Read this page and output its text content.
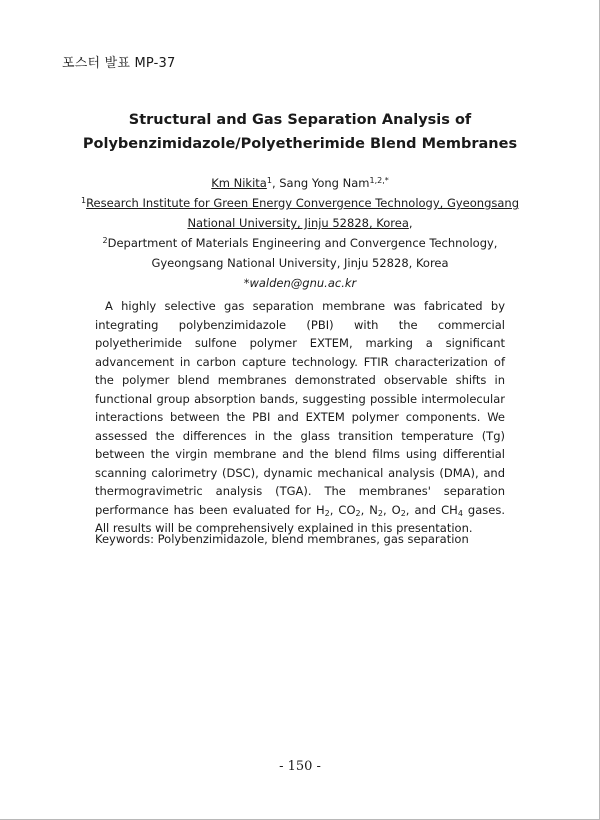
포스터 발표 MP-37
Structural and Gas Separation Analysis of
Polybenzimidazole/Polyetherimide Blend Membranes
Km Nikita$^1$, Sang Yong Nam$^{1,2,*}$
$^1$Research Institute for Green Energy Convergence Technology, Gyeongsang
National University, Jinju 52828, Korea,
$^2$Department of Materials Engineering and Convergence Technology,
Gyeongsang National University, Jinju 52828, Korea
*walden@gnu.ac.kr
A highly selective gas separation membrane was fabricated by integrating polybenzimidazole (PBI) with the commercial polyetherimide sulfone polymer EXTEM, marking a significant advancement in carbon capture technology. FTIR characterization of the polymer blend membranes demonstrated observable shifts in functional group absorption bands, suggesting possible intermolecular interactions between the PBI and EXTEM polymer components. We assessed the differences in the glass transition temperature (Tg) between the virgin membrane and the blend films using differential scanning calorimetry (DSC), dynamic mechanical analysis (DMA), and thermogravimetric analysis (TGA). The membranes' separation performance has been evaluated for $H_2$, $CO_2$, $N_2$, $O_2$, and $CH_4$ gases. All results will be comprehensively explained in this presentation.
Keywords: Polybenzimidazole, blend membranes, gas separation
- 150 -
